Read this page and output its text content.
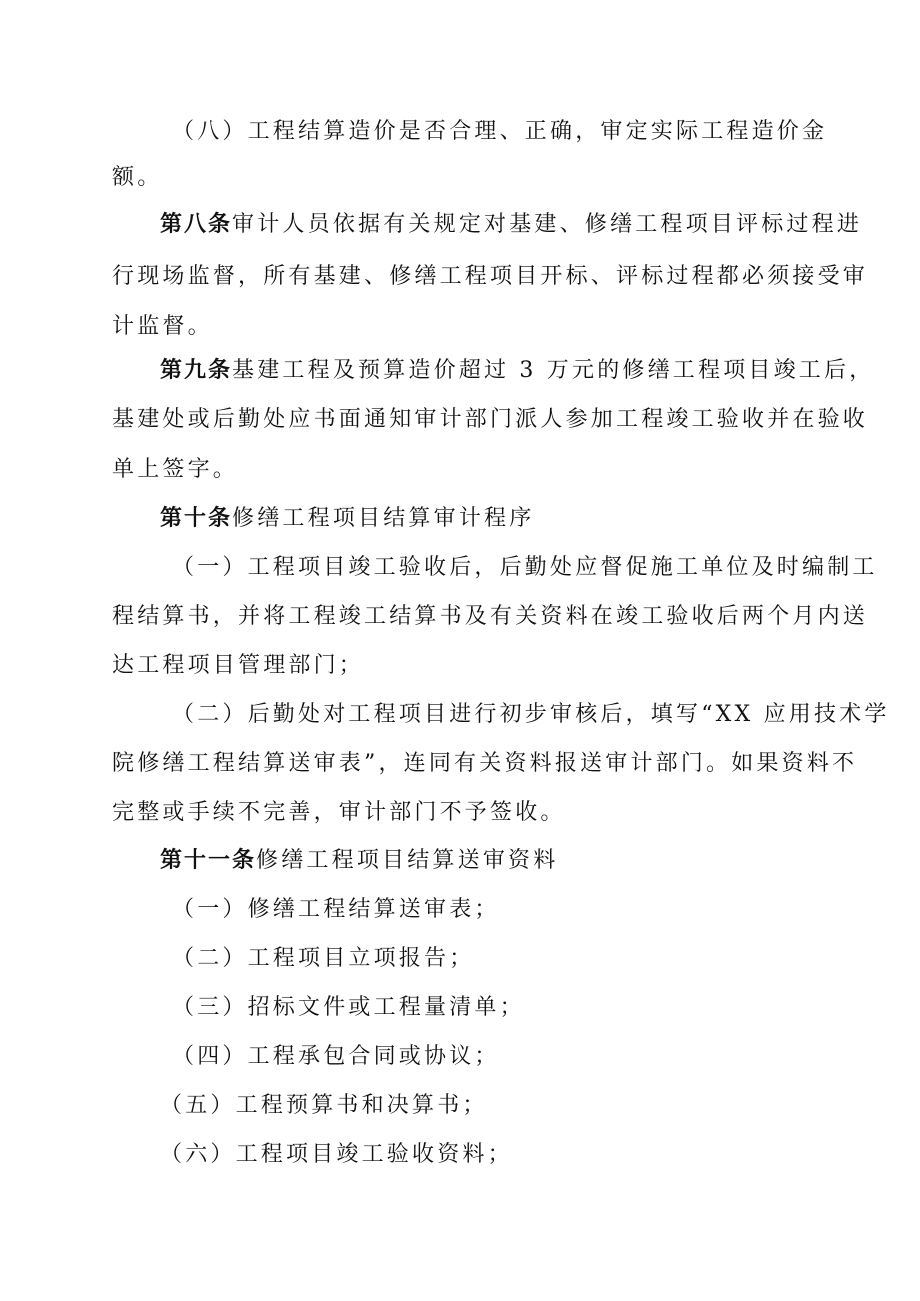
（八）工程结算造价是否合理、正确，审定实际工程造价金
额。
第八条审计人员依据有关规定对基建、修缮工程项目评标过程进
行现场监督，所有基建、修缮工程项目开标、评标过程都必须接受审
计监督。
第九条基建工程及预算造价超过 3 万元的修缮工程项目竣工后，
基建处或后勤处应书面通知审计部门派人参加工程竣工验收并在验收
单上签字。
第十条修缮工程项目结算审计程序
（一）工程项目竣工验收后，后勤处应督促施工单位及时编制工
程结算书，并将工程竣工结算书及有关资料在竣工验收后两个月内送
达工程项目管理部门；
（二）后勤处对工程项目进行初步审核后，填写“XX 应用技术学
院修缮工程结算送审表”，连同有关资料报送审计部门。如果资料不
完整或手续不完善，审计部门不予签收。
第十一条修缮工程项目结算送审资料
（一）修缮工程结算送审表；
（二）工程项目立项报告；
（三）招标文件或工程量清单；
（四）工程承包合同或协议；
（五）工程预算书和决算书；
（六）工程项目竣工验收资料；
